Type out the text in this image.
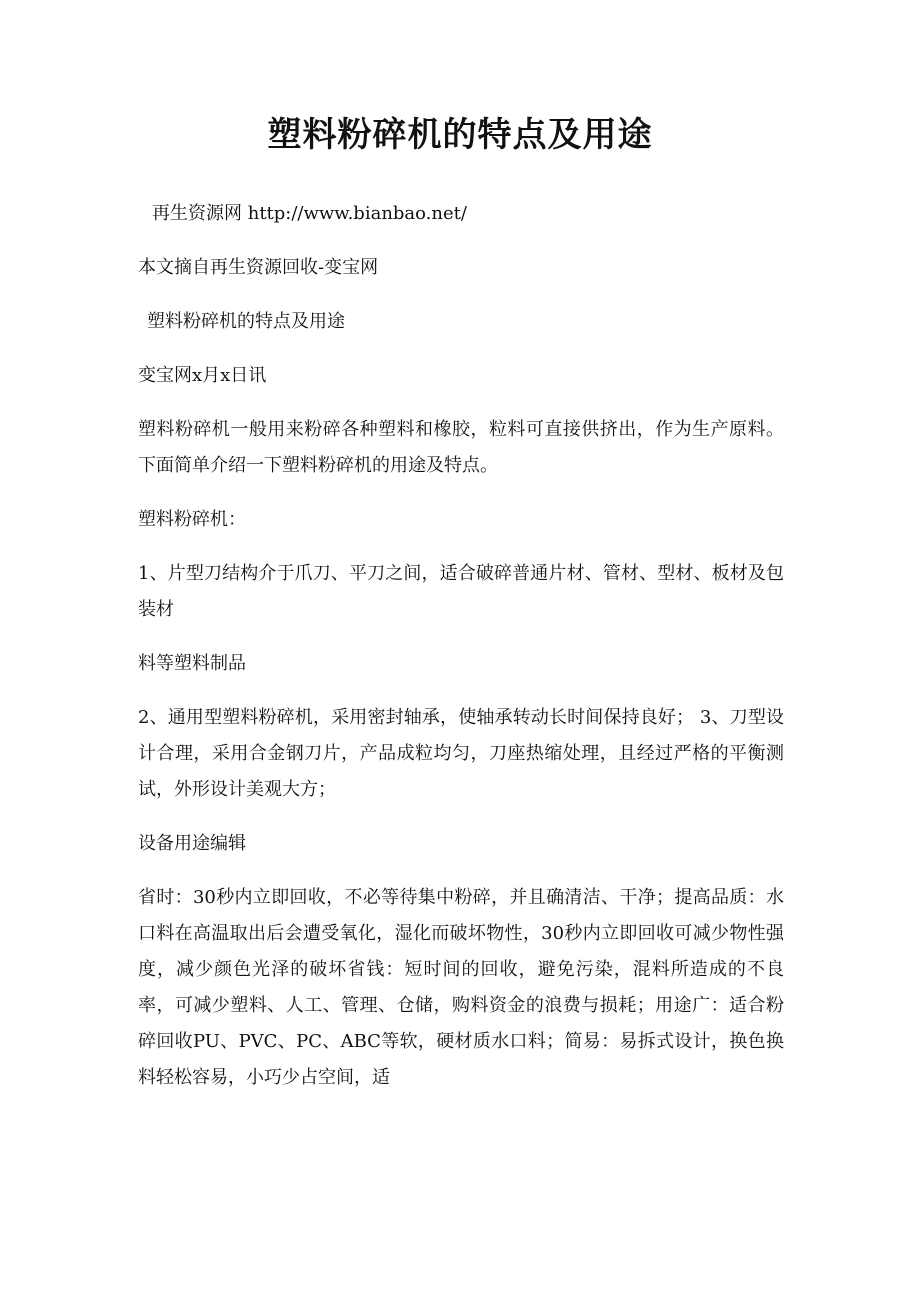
塑料粉碎机的特点及用途

再生资源网 http://www.bianbao.net/

本文摘自再生资源回收-变宝网

塑料粉碎机的特点及用途

变宝网x月x日讯

塑料粉碎机一般用来粉碎各种塑料和橡胶，粒料可直接供挤出，作为生产原料。下面简单介绍一下塑料粉碎机的用途及特点。

塑料粉碎机：

1、片型刀结构介于爪刀、平刀之间，适合破碎普通片材、管材、型材、板材及包装材

料等塑料制品

2、通用型塑料粉碎机，采用密封轴承，使轴承转动长时间保持良好； 3、刀型设计合理，采用合金钢刀片，产品成粒均匀，刀座热缩处理，且经过严格的平衡测试，外形设计美观大方；

设备用途编辑

省时：30秒内立即回收，不必等待集中粉碎，并且确清洁、干净；提高品质：水口料在高温取出后会遭受氧化，湿化而破坏物性，30秒内立即回收可减少物性强度，减少颜色光泽的破坏省钱：短时间的回收，避免污染，混料所造成的不良率，可减少塑料、人工、管理、仓储，购料资金的浪费与损耗；用途广：适合粉碎回收PU、PVC、PC、ABC等软，硬材质水口料；简易：易拆式设计，换色换料轻松容易，小巧少占空间，适
